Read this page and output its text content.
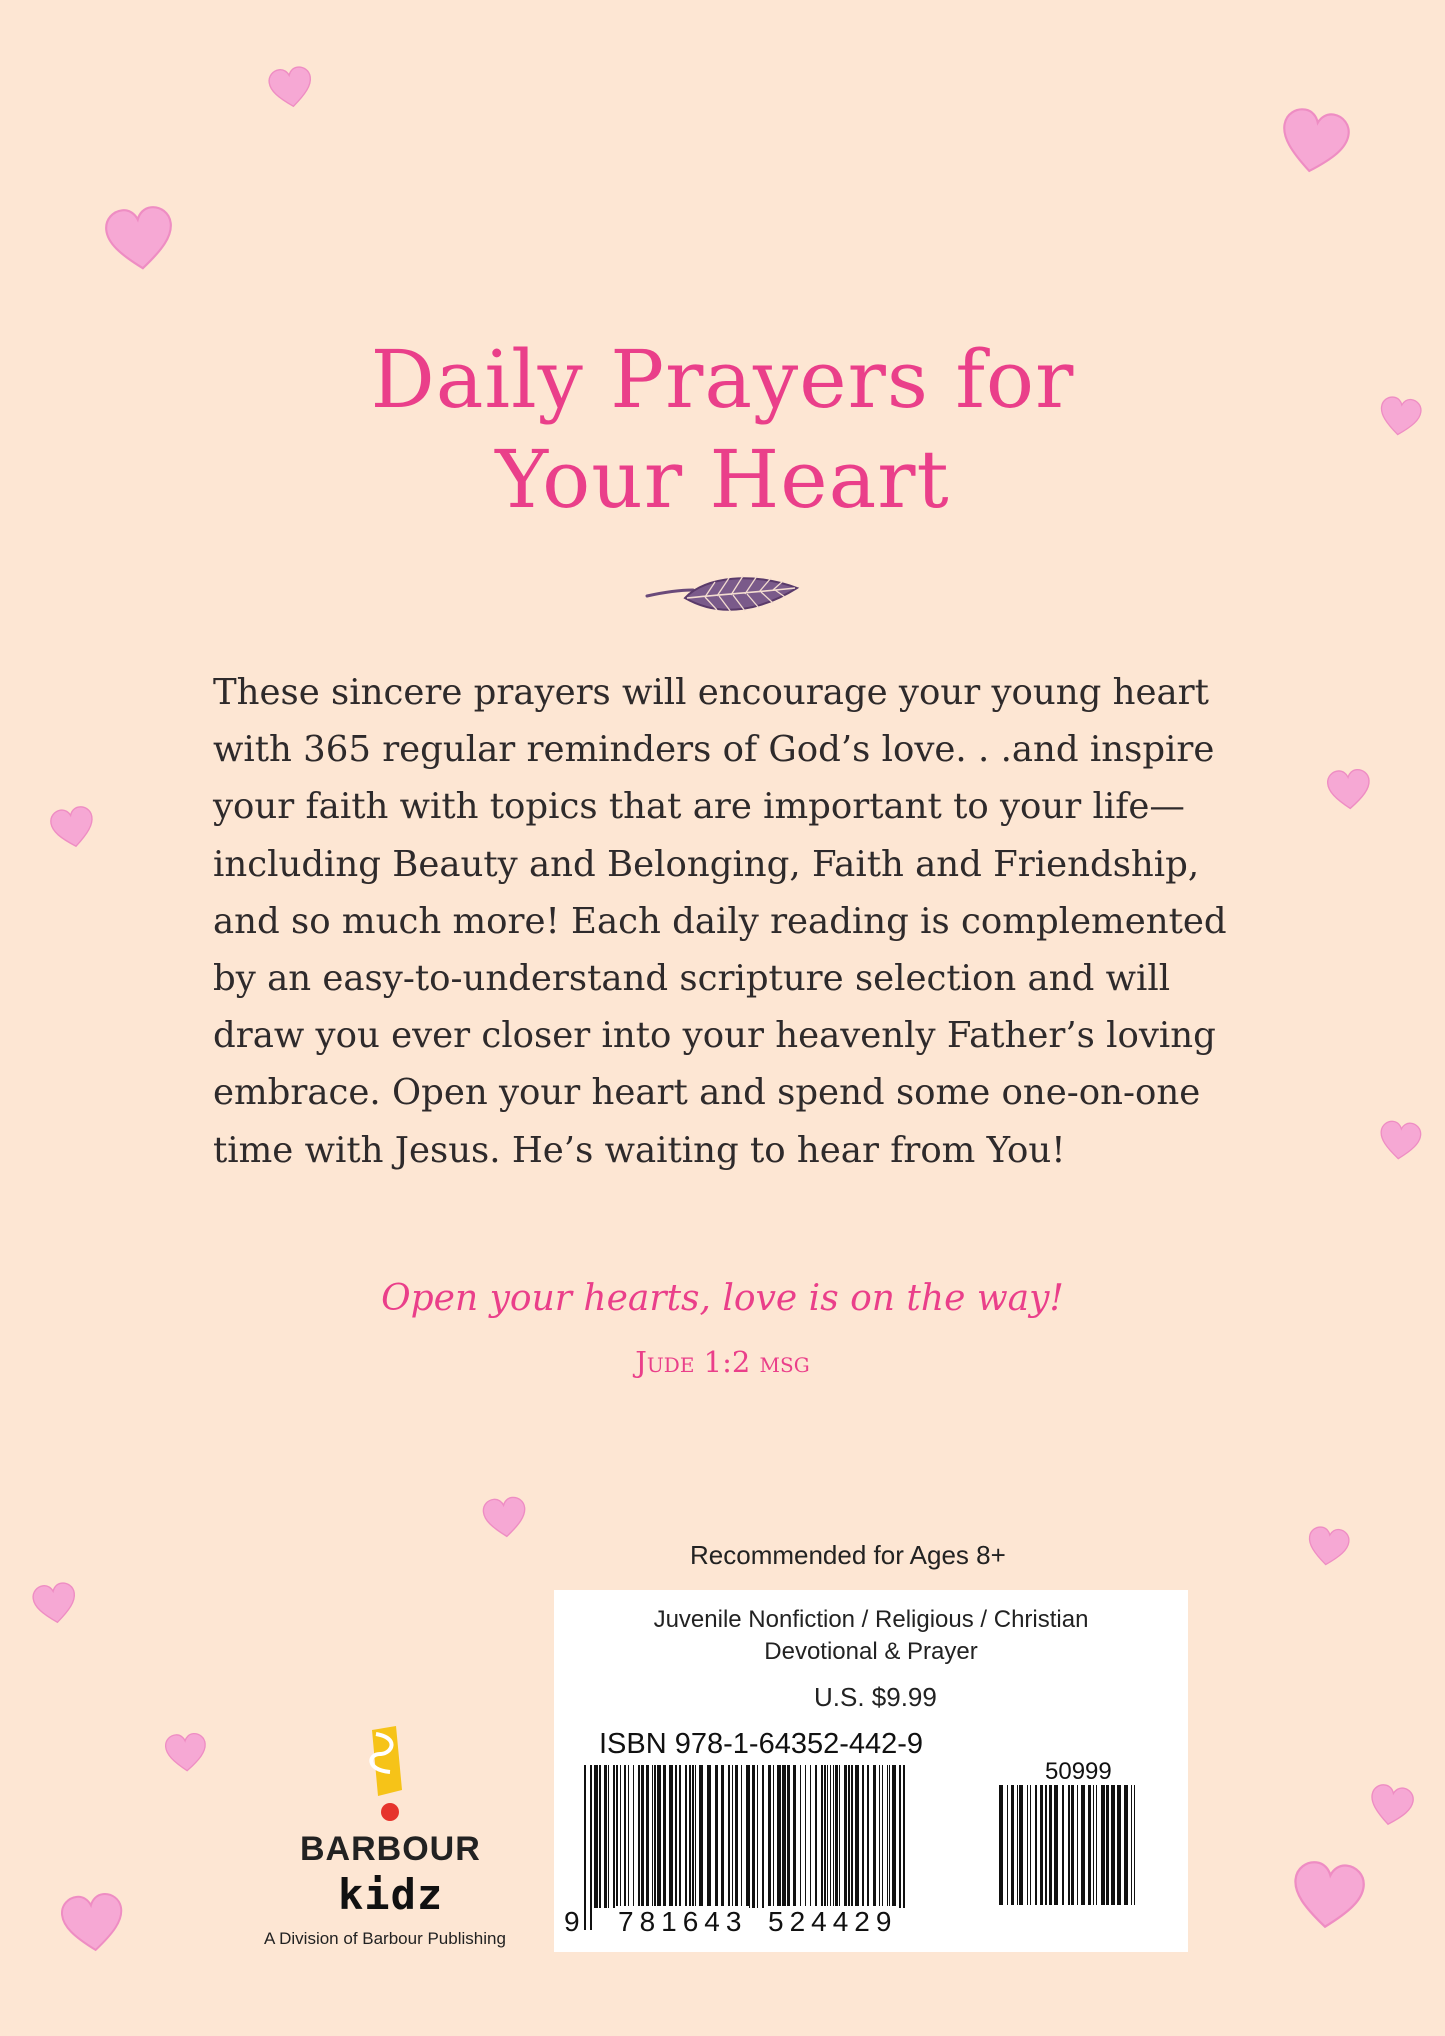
Daily Prayers for
Your Heart
These sincere prayers will encourage your young heart with 365 regular reminders of God’s love. . .and inspire your faith with topics that are important to your life—including Beauty and Belonging, Faith and Friendship, and so much more! Each daily reading is complemented by an easy-to-understand scripture selection and will draw you ever closer into your heavenly Father’s loving embrace. Open your heart and spend some one-on-one time with Jesus. He’s waiting to hear from You!
Open your hearts, love is on the way!
Jude 1:2 msg
Recommended for Ages 8+
Juvenile Nonfiction / Religious / Christian
Devotional & Prayer
U.S. $9.99
ISBN 978-1-64352-442-9
50999
9 781643 524429
BARBOUR
kidz
A Division of Barbour Publishing
